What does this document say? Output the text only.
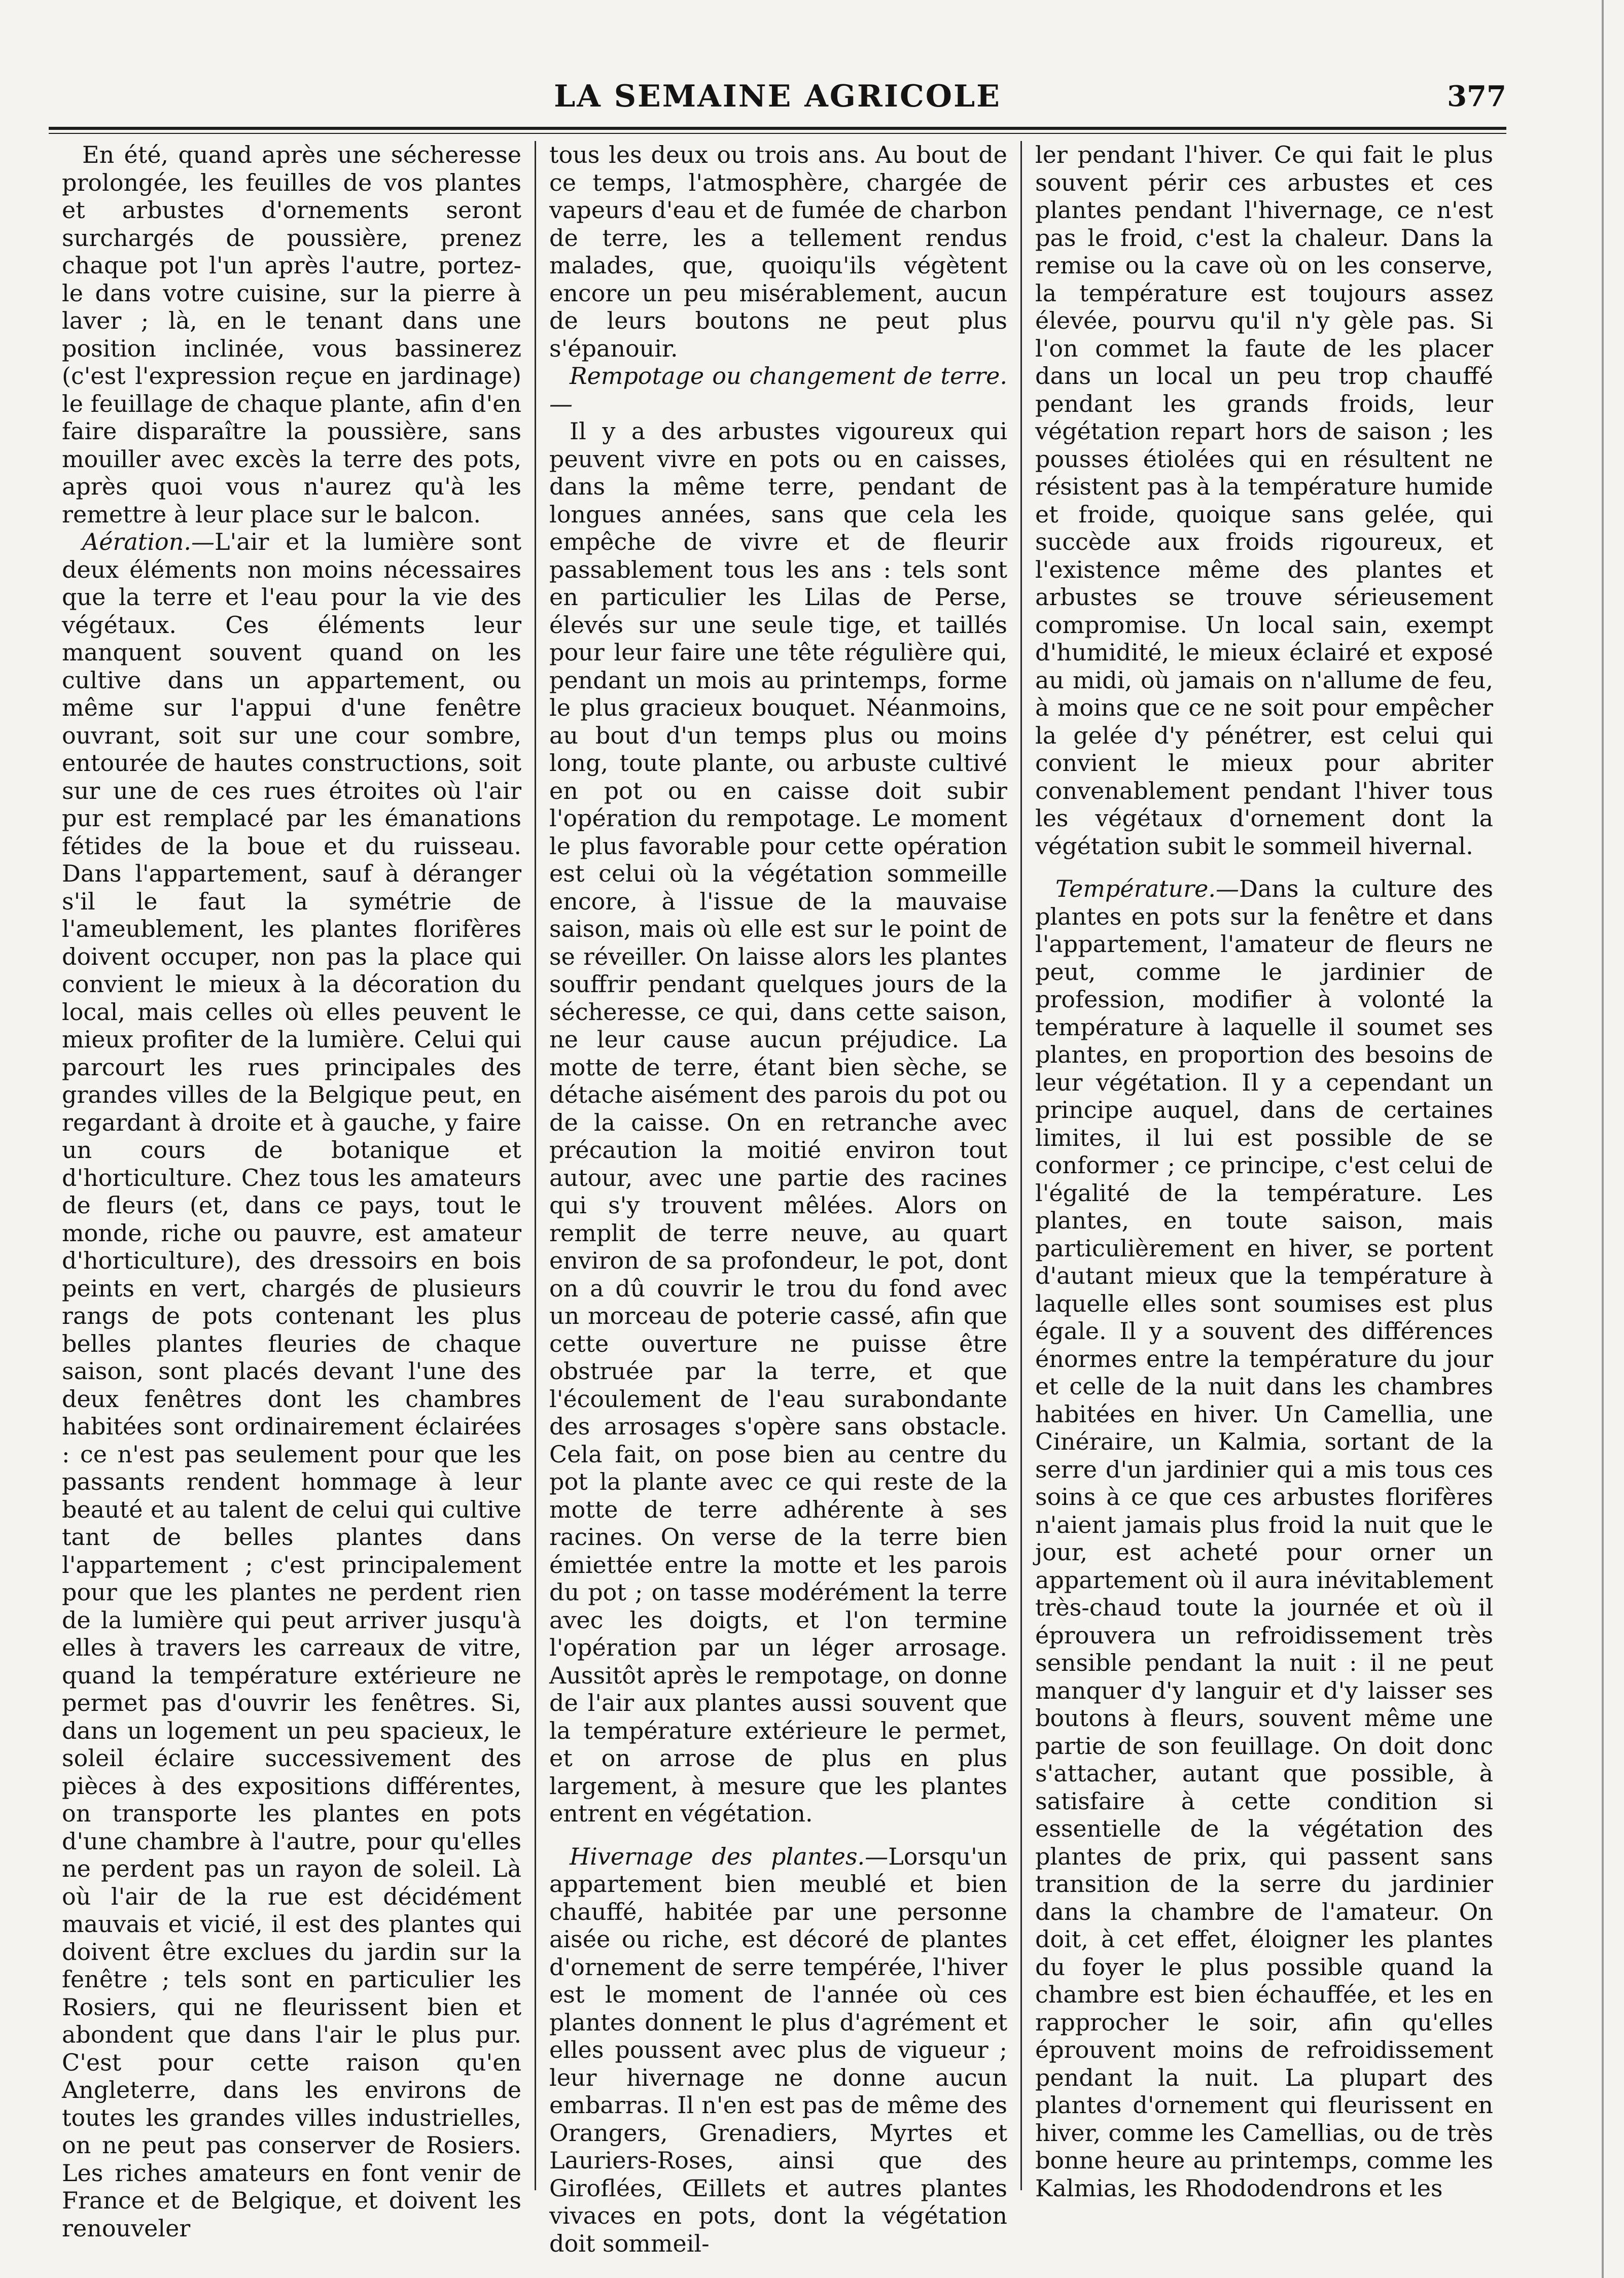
LA SEMAINE AGRICOLE	377

En été, quand après une sécheresse prolongée, les feuilles de vos plantes et arbustes d'ornements seront surchargés de poussière, prenez chaque pot l'un après l'autre, portez-le dans votre cuisine, sur la pierre à laver ; là, en le tenant dans une position inclinée, vous bassinerez (c'est l'expression reçue en jardinage) le feuillage de chaque plante, afin d'en faire disparaître la poussière, sans mouiller avec excès la terre des pots, après quoi vous n'aurez qu'à les remettre à leur place sur le balcon.

Aération.—L'air et la lumière sont deux éléments non moins nécessaires que la terre et l'eau pour la vie des végétaux. Ces éléments leur manquent souvent quand on les cultive dans un appartement, ou même sur l'appui d'une fenêtre ouvrant, soit sur une cour sombre, entourée de hautes constructions, soit sur une de ces rues étroites où l'air pur est remplacé par les émanations fétides de la boue et du ruisseau. Dans l'appartement, sauf à déranger s'il le faut la symétrie de l'ameublement, les plantes florifères doivent occuper, non pas la place qui convient le mieux à la décoration du local, mais celles où elles peuvent le mieux profiter de la lumière. Celui qui parcourt les rues principales des grandes villes de la Belgique peut, en regardant à droite et à gauche, y faire un cours de botanique et d'horticulture. Chez tous les amateurs de fleurs (et, dans ce pays, tout le monde, riche ou pauvre, est amateur d'horticulture), des dressoirs en bois peints en vert, chargés de plusieurs rangs de pots contenant les plus belles plantes fleuries de chaque saison, sont placés devant l'une des deux fenêtres dont les chambres habitées sont ordinairement éclairées : ce n'est pas seulement pour que les passants rendent hommage à leur beauté et au talent de celui qui cultive tant de belles plantes dans l'appartement ; c'est principalement pour que les plantes ne perdent rien de la lumière qui peut arriver jusqu'à elles à travers les carreaux de vitre, quand la température extérieure ne permet pas d'ouvrir les fenêtres. Si, dans un logement un peu spacieux, le soleil éclaire successivement des pièces à des expositions différentes, on transporte les plantes en pots d'une chambre à l'autre, pour qu'elles ne perdent pas un rayon de soleil. Là où l'air de la rue est décidément mauvais et vicié, il est des plantes qui doivent être exclues du jardin sur la fenêtre ; tels sont en particulier les Rosiers, qui ne fleurissent bien et abondent que dans l'air le plus pur. C'est pour cette raison qu'en Angleterre, dans les environs de toutes les grandes villes industrielles, on ne peut pas conserver de Rosiers. Les riches amateurs en font venir de France et de Belgique, et doivent les renouveler

tous les deux ou trois ans. Au bout de ce temps, l'atmosphère, chargée de vapeurs d'eau et de fumée de charbon de terre, les a tellement rendus malades, que, quoiqu'ils végètent encore un peu misérablement, aucun de leurs boutons ne peut plus s'épanouir.

Rempotage ou changement de terre.—

Il y a des arbustes vigoureux qui peuvent vivre en pots ou en caisses, dans la même terre, pendant de longues années, sans que cela les empêche de vivre et de fleurir passablement tous les ans : tels sont en particulier les Lilas de Perse, élevés sur une seule tige, et taillés pour leur faire une tête régulière qui, pendant un mois au printemps, forme le plus gracieux bouquet. Néanmoins, au bout d'un temps plus ou moins long, toute plante, ou arbuste cultivé en pot ou en caisse doit subir l'opération du rempotage. Le moment le plus favorable pour cette opération est celui où la végétation sommeille encore, à l'issue de la mauvaise saison, mais où elle est sur le point de se réveiller. On laisse alors les plantes souffrir pendant quelques jours de la sécheresse, ce qui, dans cette saison, ne leur cause aucun préjudice. La motte de terre, étant bien sèche, se détache aisément des parois du pot ou de la caisse. On en retranche avec précaution la moitié environ tout autour, avec une partie des racines qui s'y trouvent mêlées. Alors on remplit de terre neuve, au quart environ de sa profondeur, le pot, dont on a dû couvrir le trou du fond avec un morceau de poterie cassé, afin que cette ouverture ne puisse être obstruée par la terre, et que l'écoulement de l'eau surabondante des arrosages s'opère sans obstacle. Cela fait, on pose bien au centre du pot la plante avec ce qui reste de la motte de terre adhérente à ses racines. On verse de la terre bien émiettée entre la motte et les parois du pot ; on tasse modérément la terre avec les doigts, et l'on termine l'opération par un léger arrosage. Aussitôt après le rempotage, on donne de l'air aux plantes aussi souvent que la température extérieure le permet, et on arrose de plus en plus largement, à mesure que les plantes entrent en végétation.

Hivernage des plantes.—Lorsqu'un appartement bien meublé et bien chauffé, habitée par une personne aisée ou riche, est décoré de plantes d'ornement de serre tempérée, l'hiver est le moment de l'année où ces plantes donnent le plus d'agrément et elles poussent avec plus de vigueur ; leur hivernage ne donne aucun embarras. Il n'en est pas de même des Orangers, Grenadiers, Myrtes et Lauriers-Roses, ainsi que des Giroflées, Œillets et autres plantes vivaces en pots, dont la végétation doit sommeil-

ler pendant l'hiver. Ce qui fait le plus souvent périr ces arbustes et ces plantes pendant l'hivernage, ce n'est pas le froid, c'est la chaleur. Dans la remise ou la cave où on les conserve, la température est toujours assez élevée, pourvu qu'il n'y gèle pas. Si l'on commet la faute de les placer dans un local un peu trop chauffé pendant les grands froids, leur végétation repart hors de saison ; les pousses étiolées qui en résultent ne résistent pas à la température humide et froide, quoique sans gelée, qui succède aux froids rigoureux, et l'existence même des plantes et arbustes se trouve sérieusement compromise. Un local sain, exempt d'humidité, le mieux éclairé et exposé au midi, où jamais on n'allume de feu, à moins que ce ne soit pour empêcher la gelée d'y pénétrer, est celui qui convient le mieux pour abriter convenablement pendant l'hiver tous les végétaux d'ornement dont la végétation subit le sommeil hivernal.

Température.—Dans la culture des plantes en pots sur la fenêtre et dans l'appartement, l'amateur de fleurs ne peut, comme le jardinier de profession, modifier à volonté la température à laquelle il soumet ses plantes, en proportion des besoins de leur végétation. Il y a cependant un principe auquel, dans de certaines limites, il lui est possible de se conformer ; ce principe, c'est celui de l'égalité de la température. Les plantes, en toute saison, mais particulièrement en hiver, se portent d'autant mieux que la température à laquelle elles sont soumises est plus égale. Il y a souvent des différences énormes entre la température du jour et celle de la nuit dans les chambres habitées en hiver. Un Camellia, une Cinéraire, un Kalmia, sortant de la serre d'un jardinier qui a mis tous ces soins à ce que ces arbustes florifères n'aient jamais plus froid la nuit que le jour, est acheté pour orner un appartement où il aura inévitablement très-chaud toute la journée et où il éprouvera un refroidissement très sensible pendant la nuit : il ne peut manquer d'y languir et d'y laisser ses boutons à fleurs, souvent même une partie de son feuillage. On doit donc s'attacher, autant que possible, à satisfaire à cette condition si essentielle de la végétation des plantes de prix, qui passent sans transition de la serre du jardinier dans la chambre de l'amateur. On doit, à cet effet, éloigner les plantes du foyer le plus possible quand la chambre est bien échauffée, et les en rapprocher le soir, afin qu'elles éprouvent moins de refroidissement pendant la nuit. La plupart des plantes d'ornement qui fleurissent en hiver, comme les Camellias, ou de très bonne heure au printemps, comme les Kalmias, les Rhododendrons et les
